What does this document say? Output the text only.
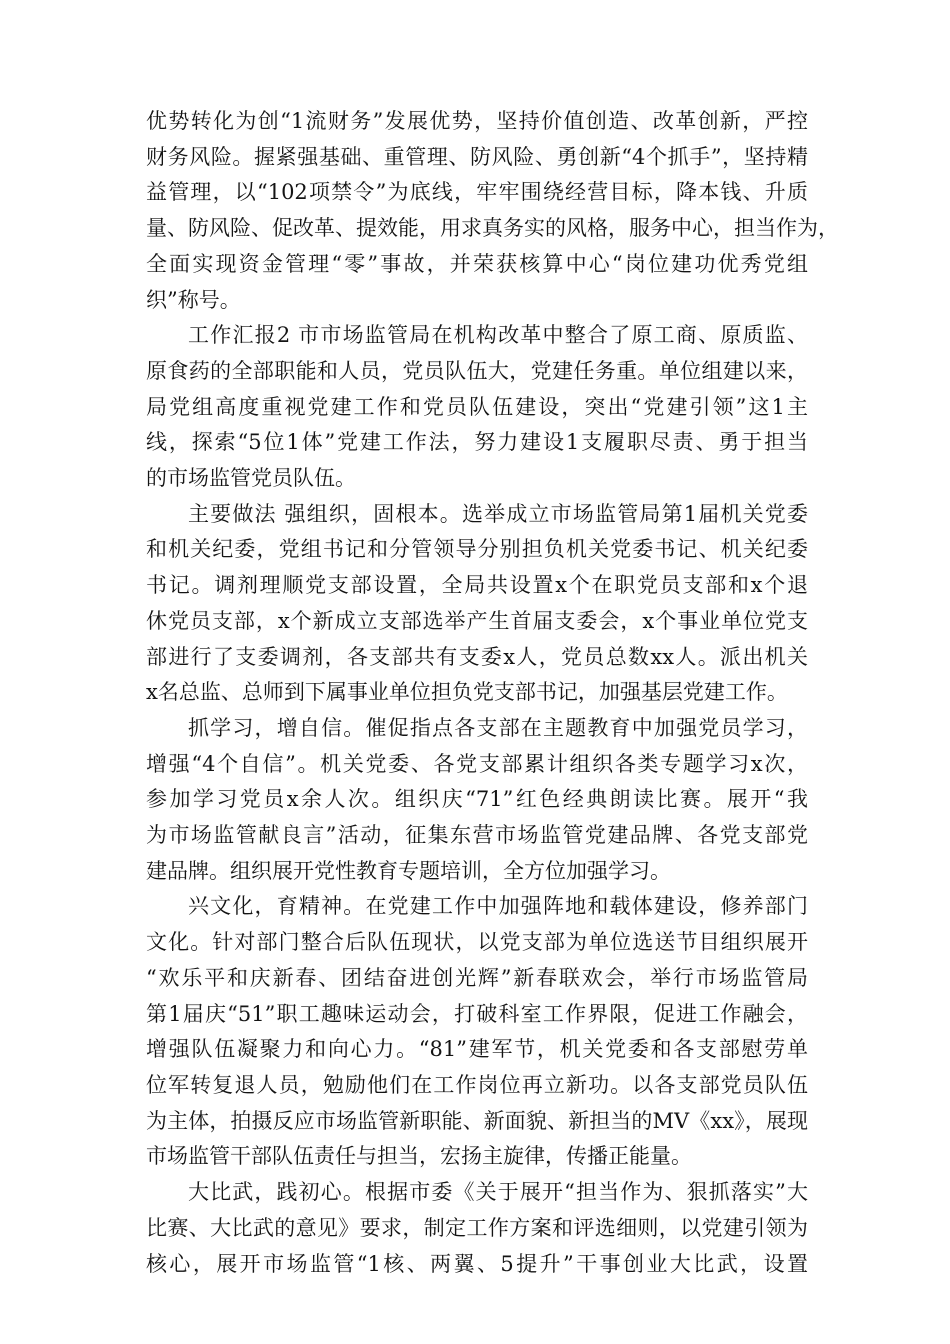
优势转化为创“1流财务”发展优势，坚持价值创造、改革创新，严控
财务风险。握紧强基础、重管理、防风险、勇创新“4个抓手”，坚持精
益管理，以“102项禁令”为底线，牢牢围绕经营目标，降本钱、升质
量、防风险、促改革、提效能，用求真务实的风格，服务中心，担当作为，
全面实现资金管理“零”事故，并荣获核算中心“岗位建功优秀党组
织”称号。

工作汇报2 市市场监管局在机构改革中整合了原工商、原质监、
原食药的全部职能和人员，党员队伍大，党建任务重。单位组建以来，
局党组高度重视党建工作和党员队伍建设，突出“党建引领”这1主
线，探索“5位1体”党建工作法，努力建设1支履职尽责、勇于担当
的市场监管党员队伍。

主要做法 强组织，固根本。选举成立市场监管局第1届机关党委
和机关纪委，党组书记和分管领导分别担负机关党委书记、机关纪委
书记。调剂理顺党支部设置，全局共设置x个在职党员支部和x个退
休党员支部，x个新成立支部选举产生首届支委会，x个事业单位党支
部进行了支委调剂，各支部共有支委x人，党员总数xx人。派出机关
x名总监、总师到下属事业单位担负党支部书记，加强基层党建工作。

抓学习，增自信。催促指点各支部在主题教育中加强党员学习，
增强“4个自信”。机关党委、各党支部累计组织各类专题学习x次，
参加学习党员x余人次。组织庆“71”红色经典朗读比赛。展开“我
为市场监管献良言”活动，征集东营市场监管党建品牌、各党支部党
建品牌。组织展开党性教育专题培训，全方位加强学习。

兴文化，育精神。在党建工作中加强阵地和载体建设，修养部门
文化。针对部门整合后队伍现状，以党支部为单位选送节目组织展开
“欢乐平和庆新春、团结奋进创光辉”新春联欢会，举行市场监管局
第1届庆“51”职工趣味运动会，打破科室工作界限，促进工作融会，
增强队伍凝聚力和向心力。“81”建军节，机关党委和各支部慰劳单
位军转复退人员，勉励他们在工作岗位再立新功。以各支部党员队伍
为主体，拍摄反应市场监管新职能、新面貌、新担当的MV《xx》，展现
市场监管干部队伍责任与担当，宏扬主旋律，传播正能量。

大比武，践初心。根据市委《关于展开“担当作为、狠抓落实”大
比赛、大比武的意见》要求，制定工作方案和评选细则，以党建引领为
核心，展开市场监管“1核、两翼、5提升”干事创业大比武，设置
